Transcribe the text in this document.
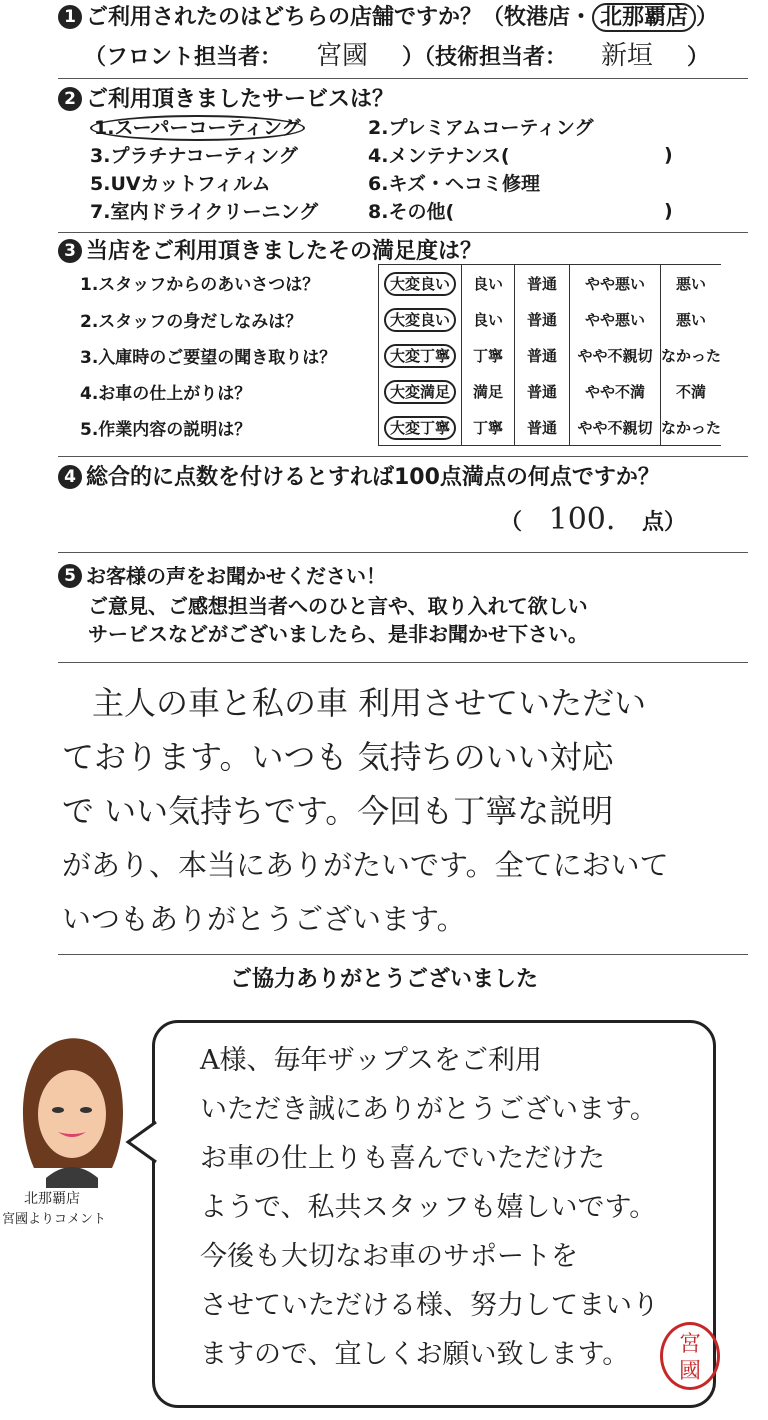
1 ご利用されたのはどちらの店舗ですか？（牧港店・ 北那覇店 ）
（フロント担当者： 宮國 ）（技術担当者： 新垣 ）
2 ご利用頂きましたサービスは？
1.スーパーコーティング	2.プレミアムコーティング
3.プラチナコーティング	4.メンテナンス(	)
5.UVカットフィルム	6.キズ・ヘコミ修理
7.室内ドライクリーニング	8.その他(	)
3 当店をご利用頂きましたその満足度は？
1.スタッフからのあいさつは？	大変良い	良い	普通	やや悪い	悪い
2.スタッフの身だしなみは？	大変良い	良い	普通	やや悪い	悪い
3.入庫時のご要望の聞き取りは？	大変丁寧	丁寧	普通	やや不親切	なかった
4.お車の仕上がりは？	大変満足	満足	普通	やや不満	不満
5.作業内容の説明は？	大変丁寧	丁寧	普通	やや不親切	なかった
4 総合的に点数を付けるとすれば100点満点の何点ですか？
（ 100. 点）
5 お客様の声をお聞かせください！
ご意見、ご感想担当者へのひと言や、取り入れて欲しい
サービスなどがございましたら、是非お聞かせ下さい。
主人の車と私の車 利用させていただい
ております。いつも 気持ちのいい対応
で いい気持ちです。今回も丁寧な説明
があり、本当にありがたいです。全てにおいて
いつもありがとうございます。
ご協力ありがとうございました
北那覇店
宮國よりコメント
A様、毎年ザップスをご利用
いただき誠にありがとうございます。
お車の仕上りも喜んでいただけた
ようで、私共スタッフも嬉しいです。
今後も大切なお車のサポートを
させていただける様、努力してまいり
ますので、宜しくお願い致します。	宮
國
